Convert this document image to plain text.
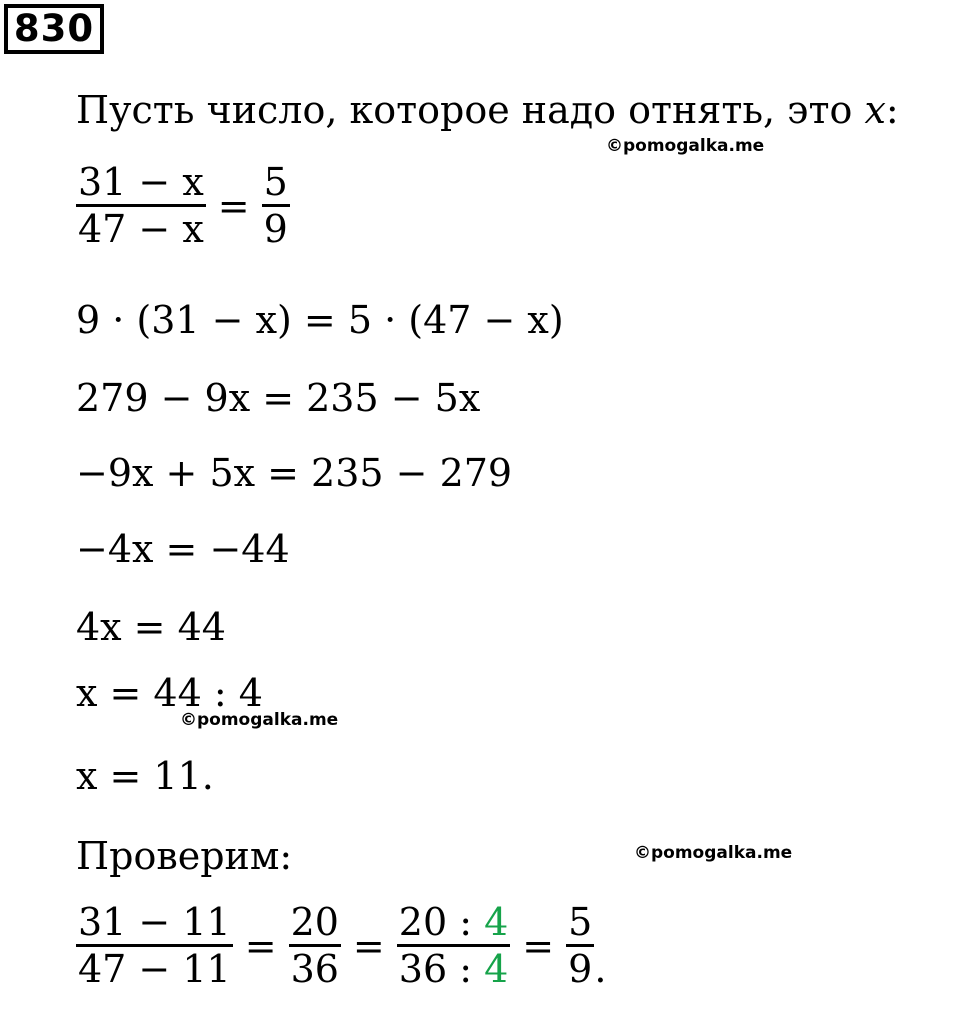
830
Пусть число, которое надо отнять, это x:
©pomogalka.me
$\frac{31 - x}{47 - x} = \frac{5}{9}$
9 · (31 − x) = 5 · (47 − x)
279 − 9x = 235 − 5x
−9x + 5x = 235 − 279
−4x = −44
4x = 44
x = 44 : 4
©pomogalka.me
x = 11.
Проверим:	©pomogalka.me
$\frac{31 - 11}{47 - 11} = \frac{20}{36} = \frac{20 : 4}{36 : 4} = \frac{5}{9}$ .
